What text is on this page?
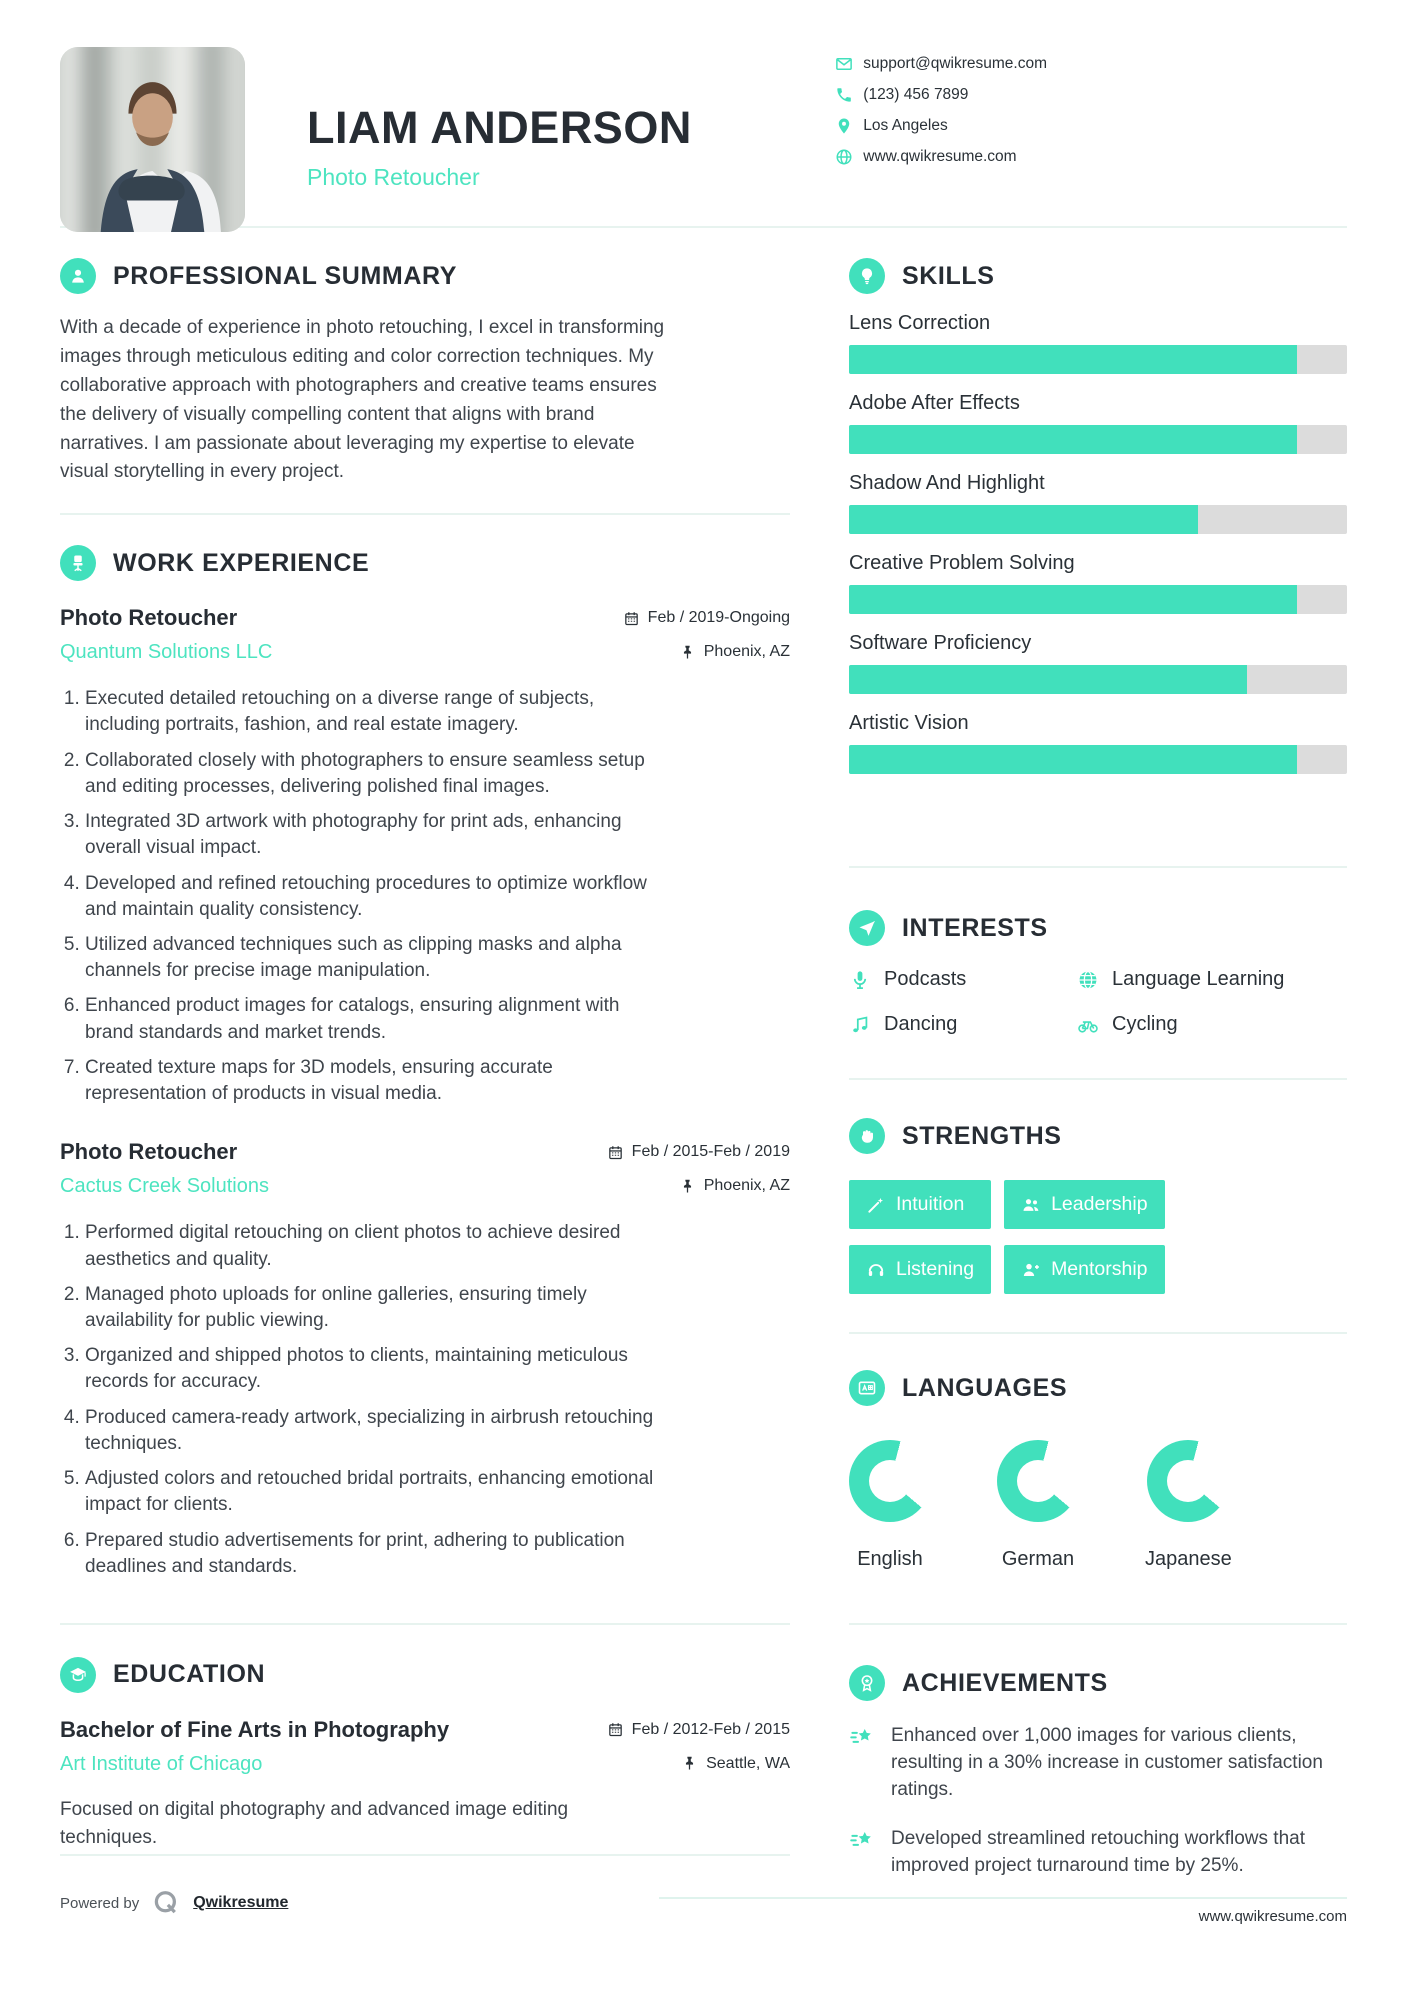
LIAM ANDERSON
Photo Retoucher
support@qwikresume.com
(123) 456 7899
Los Angeles
www.qwikresume.com
PROFESSIONAL SUMMARY

With a decade of experience in photo retouching, I excel in transforming images through meticulous editing and color correction techniques. My collaborative approach with photographers and creative teams ensures the delivery of visually compelling content that aligns with brand narratives. I am passionate about leveraging my expertise to elevate visual storytelling in every project.

WORK EXPERIENCE
Photo Retoucher	Feb / 2019-Ongoing
Quantum Solutions LLC	Phoenix, AZ
1. Executed detailed retouching on a diverse range of subjects, including portraits, fashion, and real estate imagery.
2. Collaborated closely with photographers to ensure seamless setup and editing processes, delivering polished final images.
3. Integrated 3D artwork with photography for print ads, enhancing overall visual impact.
4. Developed and refined retouching procedures to optimize workflow and maintain quality consistency.
5. Utilized advanced techniques such as clipping masks and alpha channels for precise image manipulation.
6. Enhanced product images for catalogs, ensuring alignment with brand standards and market trends.
7. Created texture maps for 3D models, ensuring accurate representation of products in visual media.
Photo Retoucher	Feb / 2015-Feb / 2019
Cactus Creek Solutions	Phoenix, AZ
1. Performed digital retouching on client photos to achieve desired aesthetics and quality.
2. Managed photo uploads for online galleries, ensuring timely availability for public viewing.
3. Organized and shipped photos to clients, maintaining meticulous records for accuracy.
4. Produced camera-ready artwork, specializing in airbrush retouching techniques.
5. Adjusted colors and retouched bridal portraits, enhancing emotional impact for clients.
6. Prepared studio advertisements for print, adhering to publication deadlines and standards.
EDUCATION
Bachelor of Fine Arts in Photography	Feb / 2012-Feb / 2015
Art Institute of Chicago	Seattle, WA

Focused on digital photography and advanced image editing techniques.

Powered by	Qwikresume
SKILLS
Lens Correction
Adobe After Effects
Shadow And Highlight
Creative Problem Solving
Software Proficiency
Artistic Vision
INTERESTS
Podcasts	Language Learning
Dancing	Cycling
STRENGTHS
Intuition	Leadership
Listening	Mentorship
LANGUAGES
English	German	Japanese
ACHIEVEMENTS

Enhanced over 1,000 images for various clients, resulting in a 30% increase in customer satisfaction ratings.

Developed streamlined retouching workflows that improved project turnaround time by 25%.

www.qwikresume.com
